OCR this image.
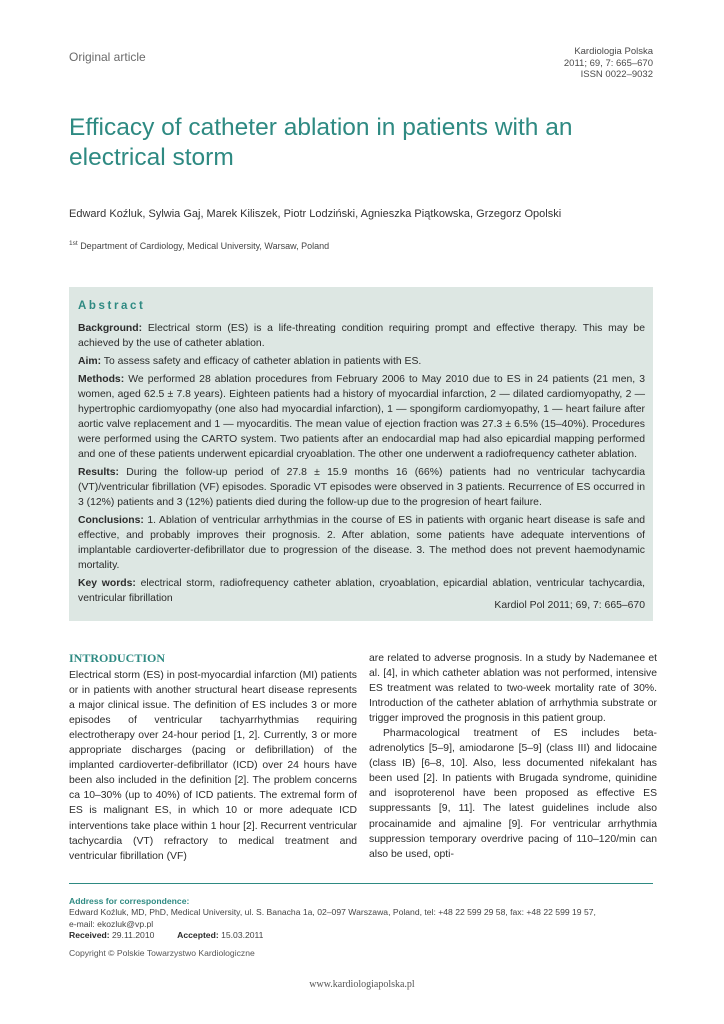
Original article	Kardiologia Polska
2011; 69, 7: 665–670
ISSN 0022–9032
Efficacy of catheter ablation in patients with an electrical storm
Edward Koźluk, Sylwia Gaj, Marek Kiliszek, Piotr Lodziński, Agnieszka Piątkowska, Grzegorz Opolski
$^{1st}$ Department of Cardiology, Medical University, Warsaw, Poland
Abstract

Background: Electrical storm (ES) is a life-threating condition requiring prompt and effective therapy. This may be achieved by the use of catheter ablation.

Aim: To assess safety and efficacy of catheter ablation in patients with ES.

Methods: We performed 28 ablation procedures from February 2006 to May 2010 due to ES in 24 patients (21 men, 3 women, aged 62.5 ± 7.8 years). Eighteen patients had a history of myocardial infarction, 2 — dilated cardiomyopathy, 2 — hypertrophic cardiomyopathy (one also had myocardial infarction), 1 — spongiform cardiomyopathy, 1 — heart failure after aortic valve replacement and 1 — myocarditis. The mean value of ejection fraction was 27.3 ± 6.5% (15–40%). Procedures were performed using the CARTO system. Two patients after an endocardial map had also epicardial mapping performed and one of these patients underwent epicardial cryoablation. The other one underwent a radiofrequency catheter ablation.

Results: During the follow-up period of 27.8 ± 15.9 months 16 (66%) patients had no ventricular tachycardia (VT)/ventricular fibrillation (VF) episodes. Sporadic VT episodes were observed in 3 patients. Recurrence of ES occurred in 3 (12%) patients and 3 (12%) patients died during the follow-up due to the progresion of heart failure.

Conclusions: 1. Ablation of ventricular arrhythmias in the course of ES in patients with organic heart disease is safe and effective, and probably improves their prognosis. 2. After ablation, some patients have adequate interventions of implantable cardioverter-defibrillator due to progression of the disease. 3. The method does not prevent haemodynamic mortality.

Key words: electrical storm, radiofrequency catheter ablation, cryoablation, epicardial ablation, ventricular tachycardia, ventricular fibrillation

Kardiol Pol 2011; 69, 7: 665–670
INTRODUCTION

Electrical storm (ES) in post-myocardial infarction (MI) patients or in patients with another structural heart disease represents a major clinical issue. The definition of ES includes 3 or more episodes of ventricular tachyarrhythmias requiring electrotherapy over 24-hour period [1, 2]. Currently, 3 or more appropriate discharges (pacing or defibrillation) of the implanted cardioverter-defibrillator (ICD) over 24 hours have been also included in the definition [2]. The problem concerns ca 10–30% (up to 40%) of ICD patients. The extremal form of ES is malignant ES, in which 10 or more adequate ICD interventions take place within 1 hour [2]. Recurrent ventricular tachycardia (VT) refractory to medical treatment and ventricular fibrillation (VF)

are related to adverse prognosis. In a study by Nademanee et al. [4], in which catheter ablation was not performed, intensive ES treatment was related to two-week mortality rate of 30%. Introduction of the catheter ablation of arrhythmia substrate or trigger improved the prognosis in this patient group.

Pharmacological treatment of ES includes beta-adrenolytics [5–9], amiodarone [5–9] (class III) and lidocaine (class IB) [6–8, 10]. Also, less documented nifekalant has been used [2]. In patients with Brugada syndrome, quinidine and isoproterenol have been proposed as effective ES suppressants [9, 11]. The latest guidelines include also procainamide and ajmaline [9]. For ventricular arrhythmia suppression temporary overdrive pacing of 110–120/min can also be used, opti-

Address for correspondence:
Edward Koźluk, MD, PhD, Medical University, ul. S. Banacha 1a, 02–097 Warszawa, Poland, tel: +48 22 599 29 58, fax: +48 22 599 19 57,
e-mail: ekozluk@vp.pl
Received: 29.11.2010	Accepted: 15.03.2011
Copyright © Polskie Towarzystwo Kardiologiczne
www.kardiologiapolska.pl
